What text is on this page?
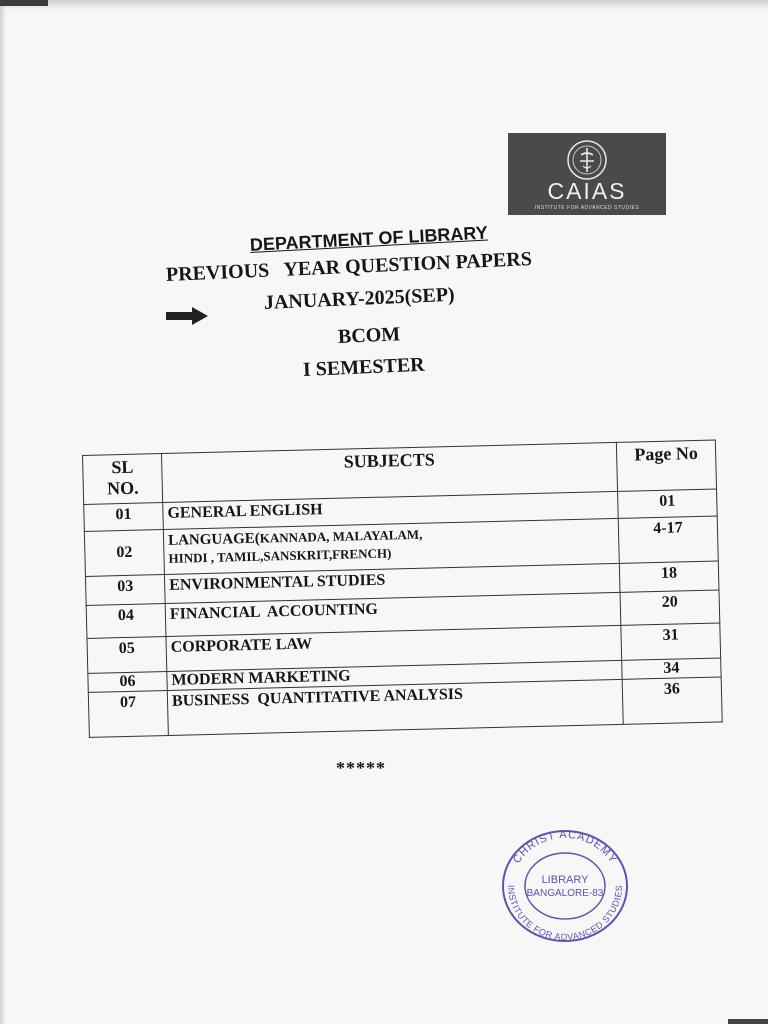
CAIAS
INSTITUTE FOR ADVANCED STUDIES
DEPARTMENT OF LIBRARY
PREVIOUS   YEAR QUESTION PAPERS
JANUARY-2025(SEP)
BCOM
I SEMESTER
SL
NO.	SUBJECTS	Page No
01	GENERAL ENGLISH	01
02	LANGUAGE(KANNADA, MALAYALAM,
HINDI , TAMIL,SANSKRIT,FRENCH)	4-17
03	ENVIRONMENTAL STUDIES	18
04	FINANCIAL  ACCOUNTING	20
05	CORPORATE LAW	31
06	MODERN MARKETING	34
07	BUSINESS  QUANTITATIVE ANALYSIS	36
*****
CHRIST ACADEMY
INSTITUTE FOR ADVANCED STUDIES
LIBRARY
BANGALORE-83
